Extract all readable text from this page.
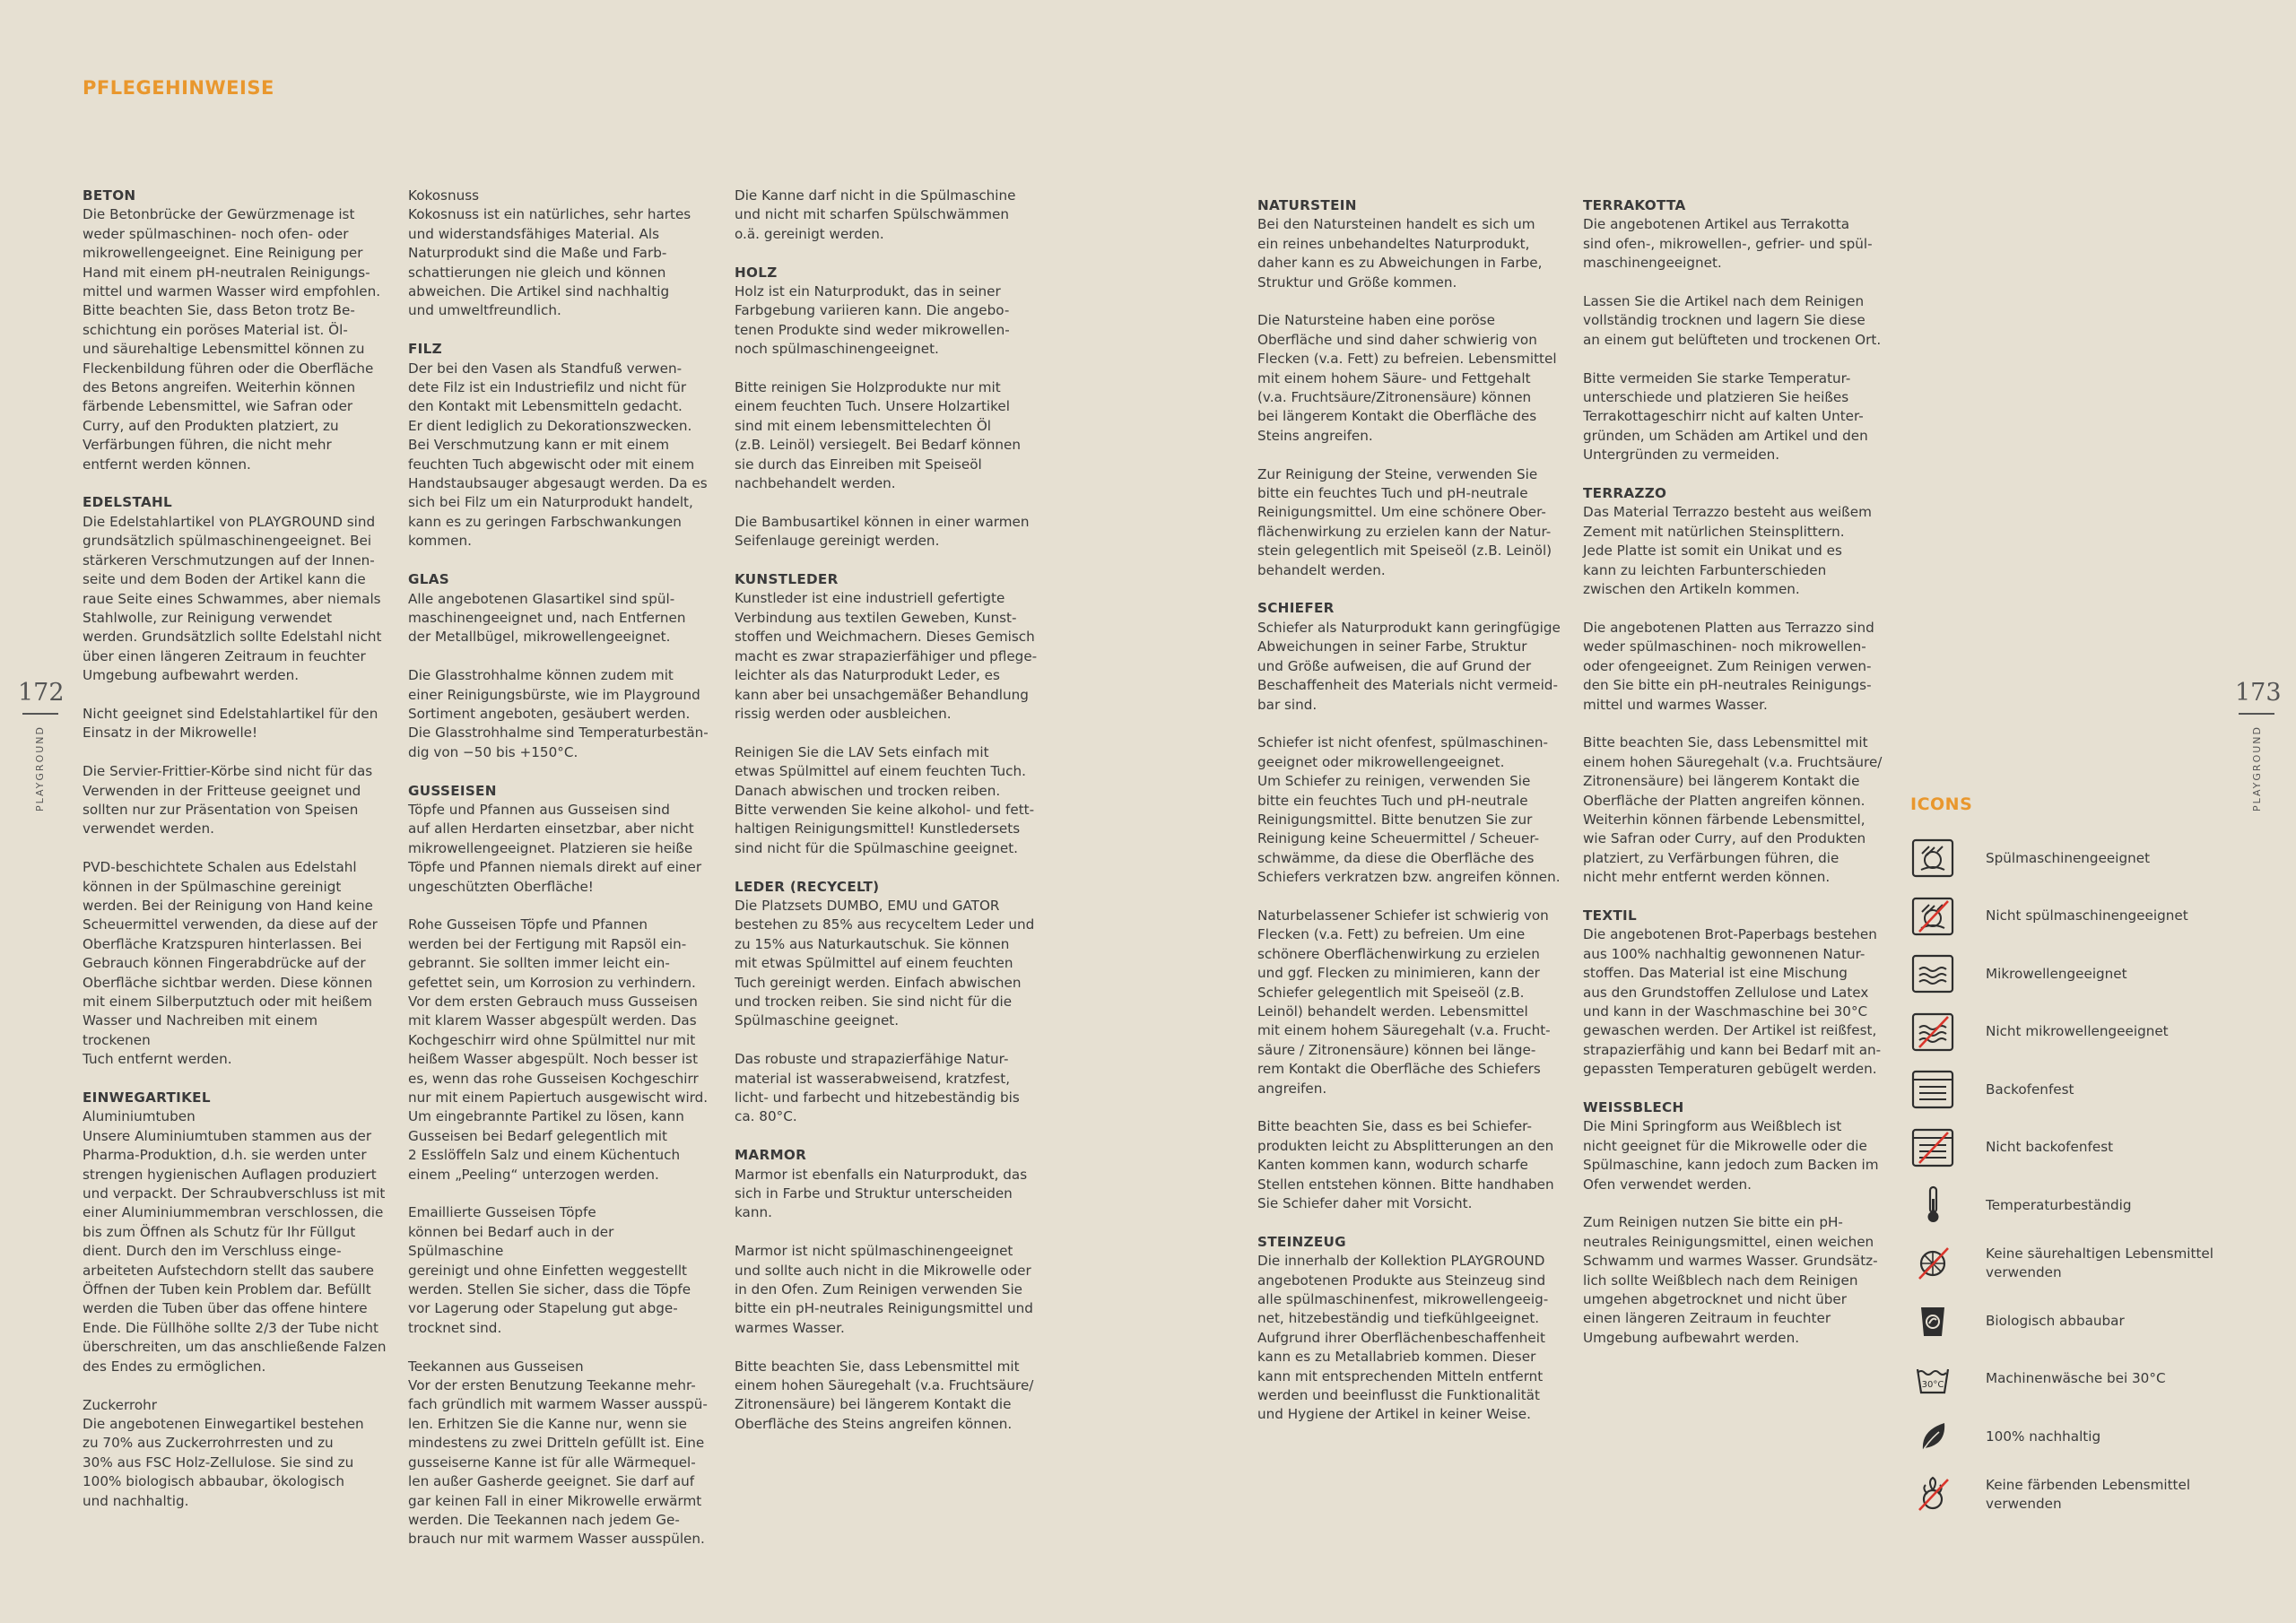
PFLEGEHINWEISE
172
PLAYGROUND
173
PLAYGROUND

BETON
Die Betonbrücke der Gewürzmenage ist
weder spülmaschinen- noch ofen- oder
mikrowellengeeignet. Eine Reinigung per
Hand mit einem pH-neutralen Reinigungs-
mittel und warmen Wasser wird empfohlen.
Bitte beachten Sie, dass Beton trotz Be-
schichtung ein poröses Material ist. Öl-
und säurehaltige Lebensmittel können zu
Fleckenbildung führen oder die Oberfläche
des Betons angreifen. Weiterhin können
färbende Lebensmittel, wie Safran oder
Curry, auf den Produkten platziert, zu
Verfärbungen führen, die nicht mehr
entfernt werden können.

EDELSTAHL
Die Edelstahlartikel von PLAYGROUND sind
grundsätzlich spülmaschinengeeignet. Bei
stärkeren Verschmutzungen auf der Innen-
seite und dem Boden der Artikel kann die
raue Seite eines Schwammes, aber niemals
Stahlwolle, zur Reinigung verwendet
werden. Grundsätzlich sollte Edelstahl nicht
über einen längeren Zeitraum in feuchter
Umgebung aufbewahrt werden.

Nicht geeignet sind Edelstahlartikel für den
Einsatz in der Mikrowelle!

Die Servier-Frittier-Körbe sind nicht für das
Verwenden in der Fritteuse geeignet und
sollten nur zur Präsentation von Speisen
verwendet werden.

PVD-beschichtete Schalen aus Edelstahl
können in der Spülmaschine gereinigt
werden. Bei der Reinigung von Hand keine
Scheuermittel verwenden, da diese auf der
Oberfläche Kratzspuren hinterlassen. Bei
Gebrauch können Fingerabdrücke auf der
Oberfläche sichtbar werden. Diese können
mit einem Silberputztuch oder mit heißem
Wasser und Nachreiben mit einem trockenen
Tuch entfernt werden.

EINWEGARTIKEL
Aluminiumtuben
Unsere Aluminiumtuben stammen aus der
Pharma-Produktion, d.h. sie werden unter
strengen hygienischen Auflagen produziert
und verpackt. Der Schraubverschluss ist mit
einer Aluminiummembran verschlossen, die
bis zum Öffnen als Schutz für Ihr Füllgut
dient. Durch den im Verschluss einge-
arbeiteten Aufstechdorn stellt das saubere
Öffnen der Tuben kein Problem dar. Befüllt
werden die Tuben über das offene hintere
Ende. Die Füllhöhe sollte 2/3 der Tube nicht
überschreiten, um das anschließende Falzen
des Endes zu ermöglichen.

Zuckerrohr
Die angebotenen Einwegartikel bestehen
zu 70% aus Zuckerrohrresten und zu
30% aus FSC Holz-Zellulose. Sie sind zu
100% biologisch abbaubar, ökologisch
und nachhaltig.

Kokosnuss
Kokosnuss ist ein natürliches, sehr hartes
und widerstandsfähiges Material. Als
Naturprodukt sind die Maße und Farb-
schattierungen nie gleich und können
abweichen. Die Artikel sind nachhaltig
und umweltfreundlich.

FILZ
Der bei den Vasen als Standfuß verwen-
dete Filz ist ein Industriefilz und nicht für
den Kontakt mit Lebensmitteln gedacht.
Er dient lediglich zu Dekorationszwecken.
Bei Verschmutzung kann er mit einem
feuchten Tuch abgewischt oder mit einem
Handstaubsauger abgesaugt werden. Da es
sich bei Filz um ein Naturprodukt handelt,
kann es zu geringen Farbschwankungen
kommen.

GLAS
Alle angebotenen Glasartikel sind spül-
maschinengeeignet und, nach Entfernen
der Metallbügel, mikrowellengeeignet.

Die Glasstrohhalme können zudem mit
einer Reinigungsbürste, wie im Playground
Sortiment angeboten, gesäubert werden.
Die Glasstrohhalme sind Temperaturbestän-
dig von −50 bis +150°C.

GUSSEISEN
Töpfe und Pfannen aus Gusseisen sind
auf allen Herdarten einsetzbar, aber nicht
mikrowellengeeignet. Platzieren sie heiße
Töpfe und Pfannen niemals direkt auf einer
ungeschützten Oberfläche!

Rohe Gusseisen Töpfe und Pfannen
werden bei der Fertigung mit Rapsöl ein-
gebrannt. Sie sollten immer leicht ein-
gefettet sein, um Korrosion zu verhindern.
Vor dem ersten Gebrauch muss Gusseisen
mit klarem Wasser abgespült werden. Das
Kochgeschirr wird ohne Spülmittel nur mit
heißem Wasser abgespült. Noch besser ist
es, wenn das rohe Gusseisen Kochgeschirr
nur mit einem Papiertuch ausgewischt wird.
Um eingebrannte Partikel zu lösen, kann
Gusseisen bei Bedarf gelegentlich mit
2 Esslöffeln Salz und einem Küchentuch
einem „Peeling“ unterzogen werden.

Emaillierte Gusseisen Töpfe
können bei Bedarf auch in der Spülmaschine
gereinigt und ohne Einfetten weggestellt
werden. Stellen Sie sicher, dass die Töpfe
vor Lagerung oder Stapelung gut abge-
trocknet sind.

Teekannen aus Gusseisen
Vor der ersten Benutzung Teekanne mehr-
fach gründlich mit warmem Wasser ausspü-
len. Erhitzen Sie die Kanne nur, wenn sie
mindestens zu zwei Dritteln gefüllt ist. Eine
gusseiserne Kanne ist für alle Wärmequel-
len außer Gasherde geeignet. Sie darf auf
gar keinen Fall in einer Mikrowelle erwärmt
werden. Die Teekannen nach jedem Ge-
brauch nur mit warmem Wasser ausspülen.

Die Kanne darf nicht in die Spülmaschine
und nicht mit scharfen Spülschwämmen
o.ä. gereinigt werden.

HOLZ
Holz ist ein Naturprodukt, das in seiner
Farbgebung variieren kann. Die angebo-
tenen Produkte sind weder mikrowellen-
noch spülmaschinengeeignet.

Bitte reinigen Sie Holzprodukte nur mit
einem feuchten Tuch. Unsere Holzartikel
sind mit einem lebensmittelechten Öl
(z.B. Leinöl) versiegelt. Bei Bedarf können
sie durch das Einreiben mit Speiseöl
nachbehandelt werden.

Die Bambusartikel können in einer warmen
Seifenlauge gereinigt werden.

KUNSTLEDER
Kunstleder ist eine industriell gefertigte
Verbindung aus textilen Geweben, Kunst-
stoffen und Weichmachern. Dieses Gemisch
macht es zwar strapazierfähiger und pflege-
leichter als das Naturprodukt Leder, es
kann aber bei unsachgemäßer Behandlung
rissig werden oder ausbleichen.

Reinigen Sie die LAV Sets einfach mit
etwas Spülmittel auf einem feuchten Tuch.
Danach abwischen und trocken reiben.
Bitte verwenden Sie keine alkohol- und fett-
haltigen Reinigungsmittel! Kunstledersets
sind nicht für die Spülmaschine geeignet.

LEDER (RECYCELT)
Die Platzsets DUMBO, EMU und GATOR
bestehen zu 85% aus recyceltem Leder und
zu 15% aus Naturkautschuk. Sie können
mit etwas Spülmittel auf einem feuchten
Tuch gereinigt werden. Einfach abwischen
und trocken reiben. Sie sind nicht für die
Spülmaschine geeignet.

Das robuste und strapazierfähige Natur-
material ist wasserabweisend, kratzfest,
licht- und farbecht und hitzebeständig bis
ca. 80°C.

MARMOR
Marmor ist ebenfalls ein Naturprodukt, das
sich in Farbe und Struktur unterscheiden
kann.

Marmor ist nicht spülmaschinengeeignet
und sollte auch nicht in die Mikrowelle oder
in den Ofen. Zum Reinigen verwenden Sie
bitte ein pH-neutrales Reinigungsmittel und
warmes Wasser.

Bitte beachten Sie, dass Lebensmittel mit
einem hohen Säuregehalt (v.a. Fruchtsäure/
Zitronensäure) bei längerem Kontakt die
Oberfläche des Steins angreifen können.

NATURSTEIN
Bei den Natursteinen handelt es sich um
ein reines unbehandeltes Naturprodukt,
daher kann es zu Abweichungen in Farbe,
Struktur und Größe kommen.

Die Natursteine haben eine poröse
Oberfläche und sind daher schwierig von
Flecken (v.a. Fett) zu befreien. Lebensmittel
mit einem hohem Säure- und Fettgehalt
(v.a. Fruchtsäure/Zitronensäure) können
bei längerem Kontakt die Oberfläche des
Steins angreifen.

Zur Reinigung der Steine, verwenden Sie
bitte ein feuchtes Tuch und pH-neutrale
Reinigungsmittel. Um eine schönere Ober-
flächenwirkung zu erzielen kann der Natur-
stein gelegentlich mit Speiseöl (z.B. Leinöl)
behandelt werden.

SCHIEFER
Schiefer als Naturprodukt kann geringfügige
Abweichungen in seiner Farbe, Struktur
und Größe aufweisen, die auf Grund der
Beschaffenheit des Materials nicht vermeid-
bar sind.

Schiefer ist nicht ofenfest, spülmaschinen-
geeignet oder mikrowellengeeignet.
Um Schiefer zu reinigen, verwenden Sie
bitte ein feuchtes Tuch und pH-neutrale
Reinigungsmittel. Bitte benutzen Sie zur
Reinigung keine Scheuermittel / Scheuer-
schwämme, da diese die Oberfläche des
Schiefers verkratzen bzw. angreifen können.

Naturbelassener Schiefer ist schwierig von
Flecken (v.a. Fett) zu befreien. Um eine
schönere Oberflächenwirkung zu erzielen
und ggf. Flecken zu minimieren, kann der
Schiefer gelegentlich mit Speiseöl (z.B.
Leinöl) behandelt werden. Lebensmittel
mit einem hohem Säuregehalt (v.a. Frucht-
säure / Zitronensäure) können bei länge-
rem Kontakt die Oberfläche des Schiefers
angreifen.

Bitte beachten Sie, dass es bei Schiefer-
produkten leicht zu Absplitterungen an den
Kanten kommen kann, wodurch scharfe
Stellen entstehen können. Bitte handhaben
Sie Schiefer daher mit Vorsicht.

STEINZEUG
Die innerhalb der Kollektion PLAYGROUND
angebotenen Produkte aus Steinzeug sind
alle spülmaschinenfest, mikrowellengeeig-
net, hitzebeständig und tiefkühlgeeignet.
Aufgrund ihrer Oberflächenbeschaffenheit
kann es zu Metallabrieb kommen. Dieser
kann mit entsprechenden Mitteln entfernt
werden und beeinflusst die Funktionalität
und Hygiene der Artikel in keiner Weise.

TERRAKOTTA
Die angebotenen Artikel aus Terrakotta
sind ofen-, mikrowellen-, gefrier- und spül-
maschinengeeignet.

Lassen Sie die Artikel nach dem Reinigen
vollständig trocknen und lagern Sie diese
an einem gut belüfteten und trockenen Ort.

Bitte vermeiden Sie starke Temperatur-
unterschiede und platzieren Sie heißes
Terrakottageschirr nicht auf kalten Unter-
gründen, um Schäden am Artikel und den
Untergründen zu vermeiden.

TERRAZZO
Das Material Terrazzo besteht aus weißem
Zement mit natürlichen Steinsplittern.
Jede Platte ist somit ein Unikat und es
kann zu leichten Farbunterschieden
zwischen den Artikeln kommen.

Die angebotenen Platten aus Terrazzo sind
weder spülmaschinen- noch mikrowellen-
oder ofengeeignet. Zum Reinigen verwen-
den Sie bitte ein pH-neutrales Reinigungs-
mittel und warmes Wasser.

Bitte beachten Sie, dass Lebensmittel mit
einem hohen Säuregehalt (v.a. Fruchtsäure/
Zitronensäure) bei längerem Kontakt die
Oberfläche der Platten angreifen können.
Weiterhin können färbende Lebensmittel,
wie Safran oder Curry, auf den Produkten
platziert, zu Verfärbungen führen, die
nicht mehr entfernt werden können.

TEXTIL
Die angebotenen Brot-Paperbags bestehen
aus 100% nachhaltig gewonnenen Natur-
stoffen. Das Material ist eine Mischung
aus den Grundstoffen Zellulose und Latex
und kann in der Waschmaschine bei 30°C
gewaschen werden. Der Artikel ist reißfest,
strapazierfähig und kann bei Bedarf mit an-
gepassten Temperaturen gebügelt werden.

WEISSBLECH
Die Mini Springform aus Weißblech ist
nicht geeignet für die Mikrowelle oder die
Spülmaschine, kann jedoch zum Backen im
Ofen verwendet werden.

Zum Reinigen nutzen Sie bitte ein pH-
neutrales Reinigungsmittel, einen weichen
Schwamm und warmes Wasser. Grundsätz-
lich sollte Weißblech nach dem Reinigen
umgehen abgetrocknet und nicht über
einen längeren Zeitraum in feuchter
Umgebung aufbewahrt werden.

ICONS
Spülmaschinengeeignet
Nicht spülmaschinengeeignet
Mikrowellengeeignet
Nicht mikrowellengeeignet
Backofenfest
Nicht backofenfest
Temperaturbeständig
Keine säurehaltigen Lebensmittel verwenden
Biologisch abbaubar
30°C	Machinenwäsche bei 30°C
100% nachhaltig
Keine färbenden Lebensmittel verwenden
